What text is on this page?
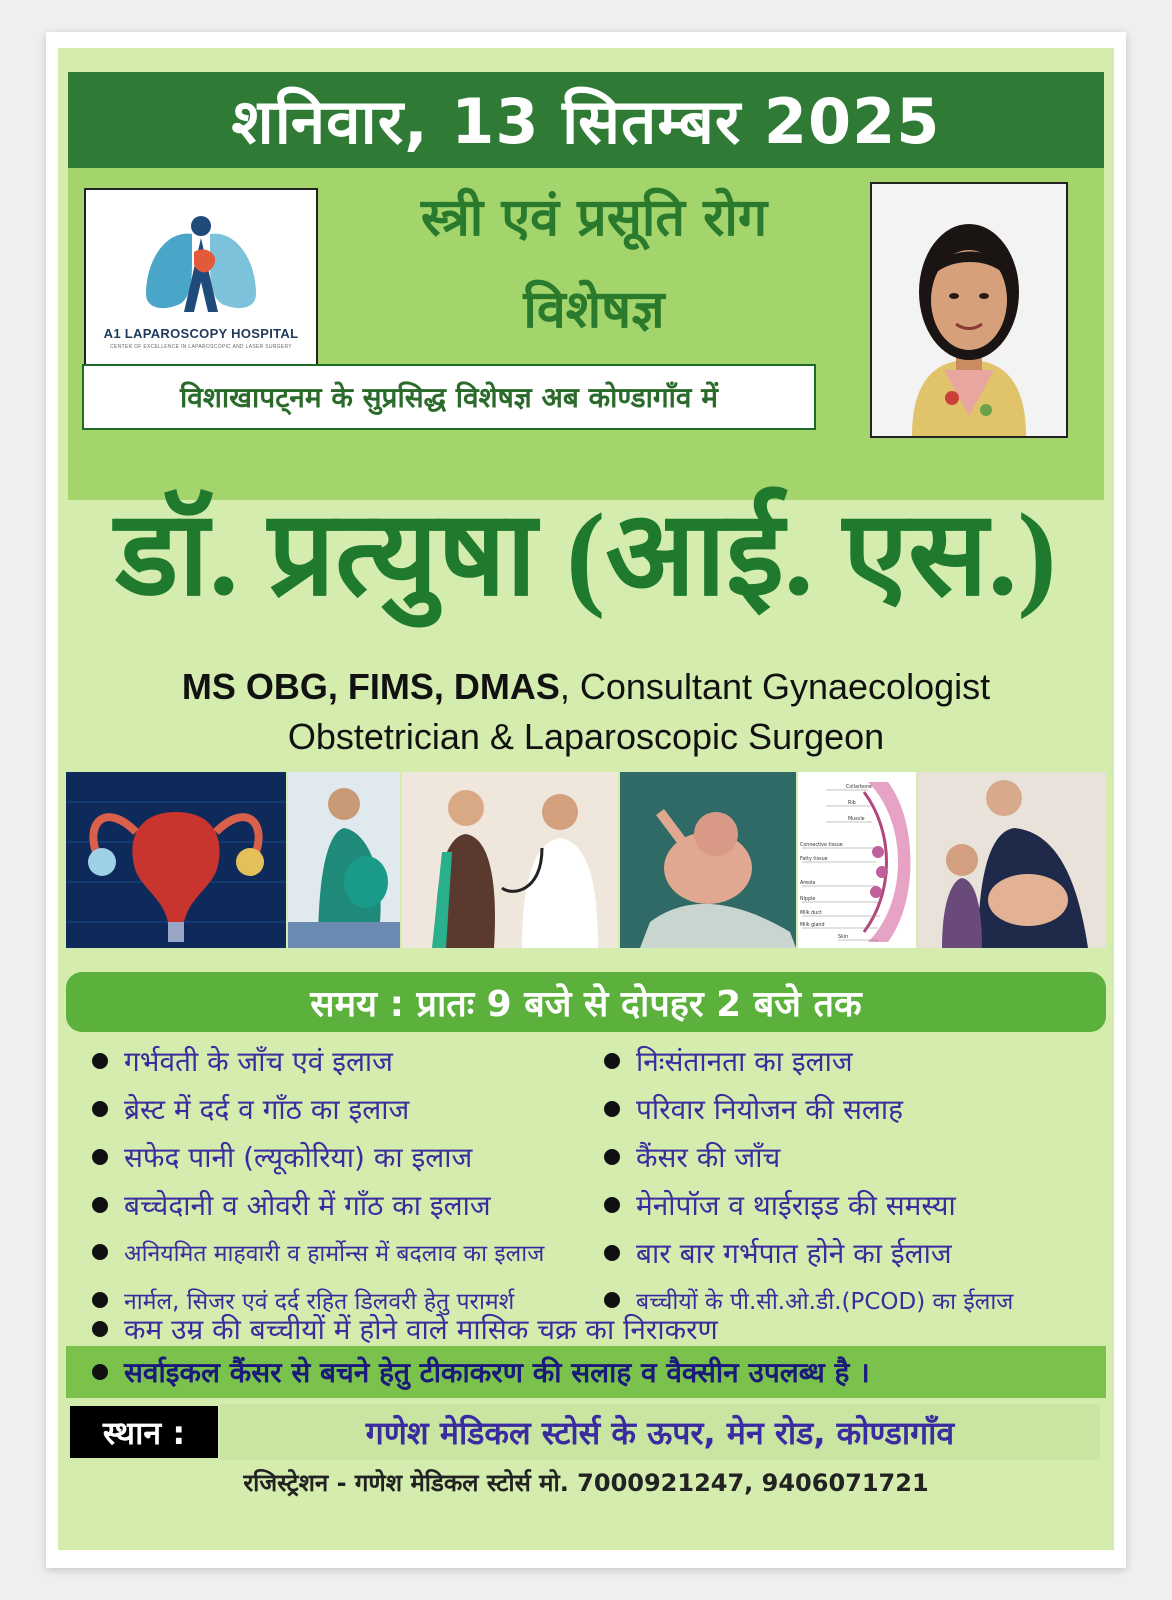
शनिवार, 13 सितम्बर 2025
A1 LAPAROSCOPY HOSPITAL
CENTER OF EXCELLENCE IN LAPAROSCOPIC AND LASER SURGERY
स्त्री एवं प्रसूति रोग
विशेषज्ञ
विशाखापट्नम के सुप्रसिद्ध विशेषज्ञ अब कोण्डागाँव में
डॉ. प्रत्युषा (आई. एस.)
MS OBG, FIMS, DMAS, Consultant Gynaecologist
Obstetrician & Laparoscopic Surgeon
Collarbone
Rib
Muscle
Connective tissue
Fatty tissue
Areola
Nipple
Milk duct
Milk gland
Skin
समय : प्रातः 9 बजे से दोपहर 2 बजे तक
गर्भवती के जाँच एवं इलाज
ब्रेस्ट में दर्द व गाँठ का इलाज
सफेद पानी (ल्यूकोरिया) का इलाज
बच्चेदानी व ओवरी में गाँठ का इलाज
अनियमित माहवारी व हार्मोन्स में बदलाव का इलाज
नार्मल, सिजर एवं दर्द रहित डिलवरी हेतु परामर्श
निःसंतानता का इलाज
परिवार नियोजन की सलाह
कैंसर की जाँच
मेनोपॉज व थाईराइड की समस्या
बार बार गर्भपात होने का ईलाज
बच्चीयों के पी.सी.ओ.डी.(PCOD) का ईलाज
कम उम्र की बच्चीयों में होने वाले मासिक चक्र का निराकरण
सर्वाइकल कैंसर से बचने हेतु टीकाकरण की सलाह व वैक्सीन उपलब्ध है ।
स्थान :	गणेश मेडिकल स्टोर्स के ऊपर, मेन रोड, कोण्डागाँव
रजिस्ट्रेशन - गणेश मेडिकल स्टोर्स मो. 7000921247, 9406071721
